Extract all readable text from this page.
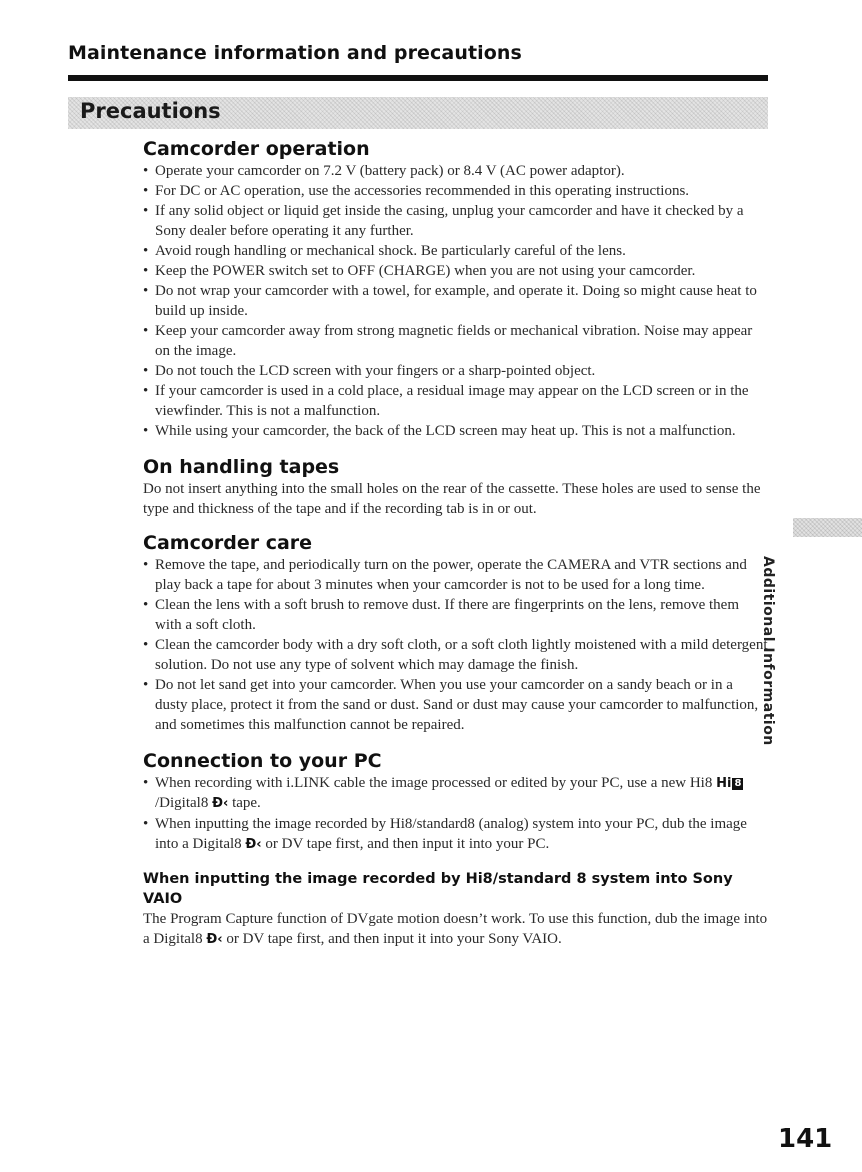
Maintenance information and precautions
Precautions
Camcorder operation
• Operate your camcorder on 7.2 V (battery pack) or 8.4 V (AC power adaptor).
• For DC or AC operation, use the accessories recommended in this operating instructions.
• If any solid object or liquid get inside the casing, unplug your camcorder and have it checked by a Sony dealer before operating it any further.
• Avoid rough handling or mechanical shock. Be particularly careful of the lens.
• Keep the POWER switch set to OFF (CHARGE) when you are not using your camcorder.
• Do not wrap your camcorder with a towel, for example, and operate it. Doing so might cause heat to build up inside.
• Keep your camcorder away from strong magnetic fields or mechanical vibration. Noise may appear on the image.
• Do not touch the LCD screen with your fingers or a sharp-pointed object.
• If your camcorder is used in a cold place, a residual image may appear on the LCD screen or in the viewfinder. This is not a malfunction.
• While using your camcorder, the back of the LCD screen may heat up. This is not a malfunction.
On handling tapes
Do not insert anything into the small holes on the rear of the cassette. These holes are used to sense the type and thickness of the tape and if the recording tab is in or out.
Camcorder care
• Remove the tape, and periodically turn on the power, operate the CAMERA and VTR sections and play back a tape for about 3 minutes when your camcorder is not to be used for a long time.
• Clean the lens with a soft brush to remove dust. If there are fingerprints on the lens, remove them with a soft cloth.
• Clean the camcorder body with a dry soft cloth, or a soft cloth lightly moistened with a mild detergent solution. Do not use any type of solvent which may damage the finish.
• Do not let sand get into your camcorder. When you use your camcorder on a sandy beach or in a dusty place, protect it from the sand or dust. Sand or dust may cause your camcorder to malfunction, and sometimes this malfunction cannot be repaired.
Connection to your PC
• When recording with i.LINK cable the image processed or edited by your PC, use a new Hi8 Hi 8/Digital8 Ɖ‹ tape.
• When inputting the image recorded by Hi8/standard8 (analog) system into your PC, dub the image into a Digital8 Ɖ‹ or DV tape first, and then input it into your PC.
When inputting the image recorded by Hi8/standard 8 system into Sony VAIO
The Program Capture function of DVgate motion doesn’t work. To use this function, dub the image into a Digital8 Ɖ‹ or DV tape first, and then input it into your Sony VAIO.
Additional Information
141
